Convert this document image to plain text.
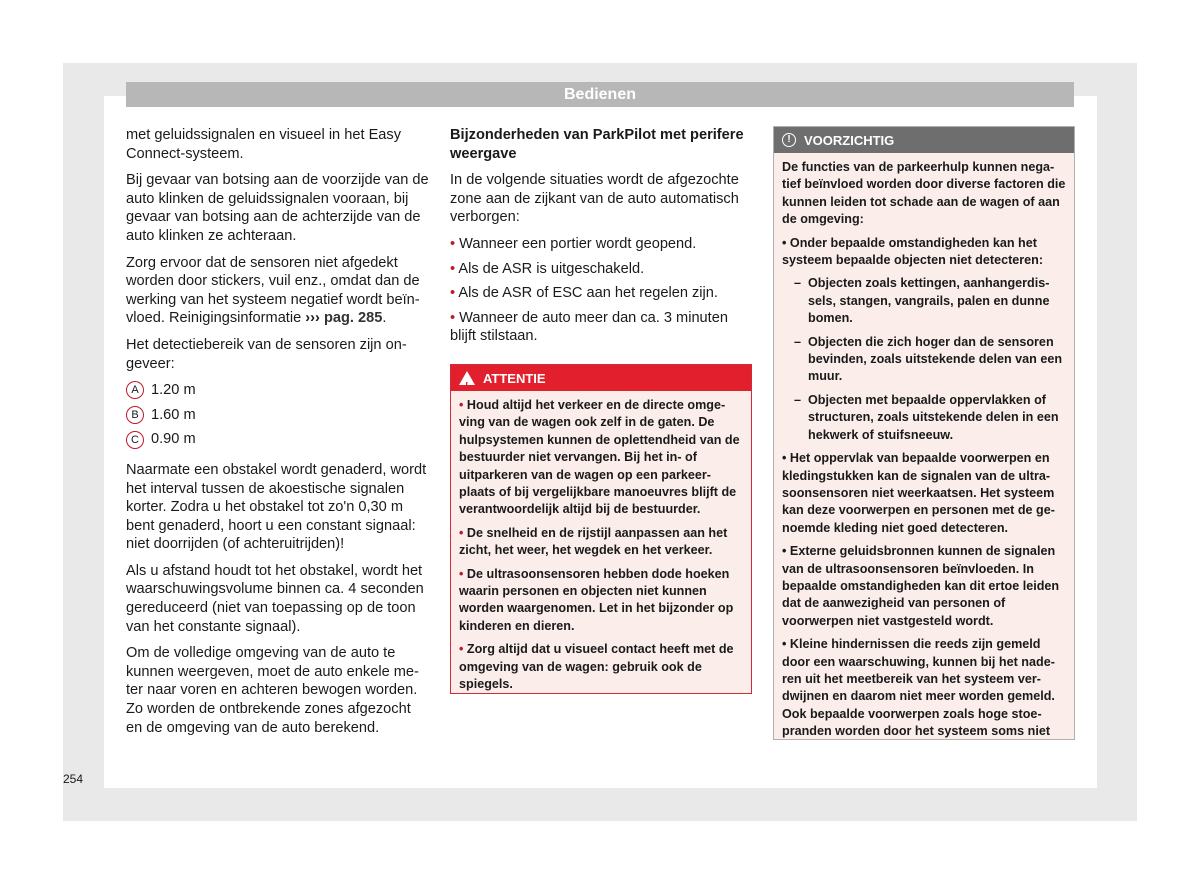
Bedienen

met geluidssignalen en visueel in het Easy Connect-systeem.

Bij gevaar van botsing aan de voorzijde van de auto klinken de geluidssignalen vooraan, bij gevaar van botsing aan de achterzijde van de auto klinken ze achteraan.

Zorg ervoor dat de sensoren niet afgedekt worden door stickers, vuil enz., omdat dan de werking van het systeem negatief wordt beïnvloed. Reinigingsinformatie ››› pag. 285.

Het detectiebereik van de sensoren zijn ongeveer:

A 1.20 m
B 1.60 m
C 0.90 m

Naarmate een obstakel wordt genaderd, wordt het interval tussen de akoestische signalen korter. Zodra u het obstakel tot zo'n 0,30 m bent genaderd, hoort u een constant signaal: niet doorrijden (of achteruitrijden)!

Als u afstand houdt tot het obstakel, wordt het waarschuwingsvolume binnen ca. 4 seconden gereduceerd (niet van toepassing op de toon van het constante signaal).

Om de volledige omgeving van de auto te kunnen weergeven, moet de auto enkele meter naar voren en achteren bewogen worden. Zo worden de ontbrekende zones afgezocht en de omgeving van de auto berekend.

Bijzonderheden van ParkPilot met perifere weergave

In de volgende situaties wordt de afgezochte zone aan de zijkant van de auto automatisch verborgen:

• Wanneer een portier wordt geopend.
• Als de ASR is uitgeschakeld.
• Als de ASR of ESC aan het regelen zijn.
• Wanneer de auto meer dan ca. 3 minuten blijft stilstaan.
!
ATTENTIE

• Houd altijd het verkeer en de directe omgeving van de wagen ook zelf in de gaten. De hulpsystemen kunnen de oplettendheid van de bestuurder niet vervangen. Bij het in- of uitparkeren van de wagen op een parkeerplaats of bij vergelijkbare manoeuvres blijft de verantwoordelijk altijd bij de bestuurder.

• De snelheid en de rijstijl aanpassen aan het zicht, het weer, het wegdek en het verkeer.

• De ultrasoonsensoren hebben dode hoeken waarin personen en objecten niet kunnen worden waargenomen. Let in het bijzonder op kinderen en dieren.

• Zorg altijd dat u visueel contact heeft met de omgeving van de wagen: gebruik ook de spiegels.

!	VOORZICHTIG

De functies van de parkeerhulp kunnen negatief beïnvloed worden door diverse factoren die kunnen leiden tot schade aan de wagen of aan de omgeving:

• Onder bepaalde omstandigheden kan het systeem bepaalde objecten niet detecteren:

– Objecten zoals kettingen, aanhangerdissels, stangen, vangrails, palen en dunne bomen.
– Objecten die zich hoger dan de sensoren bevinden, zoals uitstekende delen van een muur.
– Objecten met bepaalde oppervlakken of structuren, zoals uitstekende delen in een hekwerk of stuifsneeuw.

• Het oppervlak van bepaalde voorwerpen en kledingstukken kan de signalen van de ultrasoonsensoren niet weerkaatsen. Het systeem kan deze voorwerpen en personen met de genoemde kleding niet goed detecteren.

• Externe geluidsbronnen kunnen de signalen van de ultrasoonsensoren beïnvloeden. In bepaalde omstandigheden kan dit ertoe leiden dat de aanwezigheid van personen of voorwerpen niet vastgesteld wordt.

• Kleine hindernissen die reeds zijn gemeld door een waarschuwing, kunnen bij het naderen uit het meetbereik van het systeem verdwijnen en daarom niet meer worden gemeld. Ook bepaalde voorwerpen zoals hoge stoepranden worden door het systeem soms niet

254
